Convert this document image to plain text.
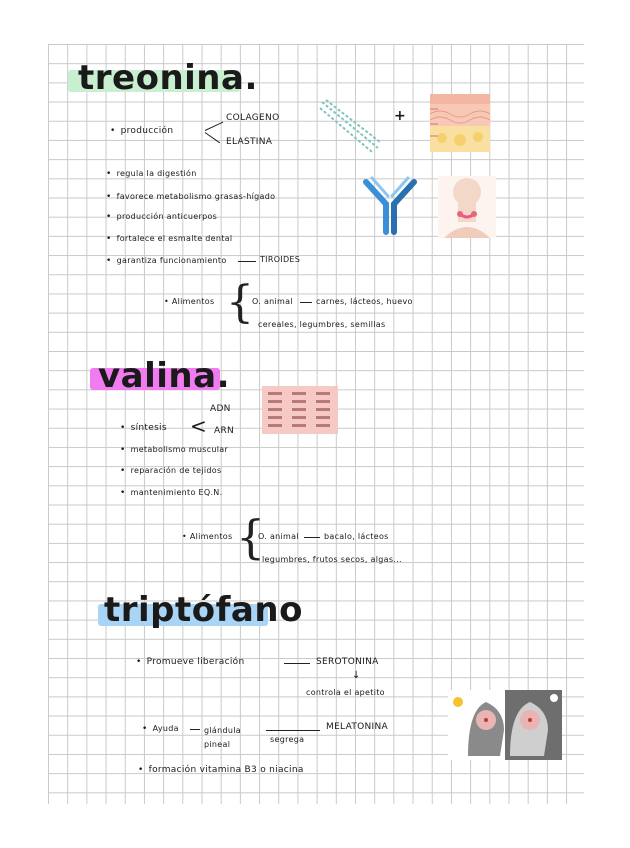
treonina.
• producción
COLAGENO
ELASTINA
+
• regula la digestión
• favorece metabolismo grasas-hígado
• producción anticuerpos
• fortalece el esmalte dental
• garantiza funcionamiento	TIROIDES
• Alimentos {
O. animal	carnes, lácteos, huevo
cereales, legumbres, semillas
valina.
• síntesis <
ADN
ARN
• metabolismo muscular
• reparación de tejidos
• mantenimiento EQ.N.
• Alimentos {
O. animal	bacalo, lácteos
legumbres, frutos secos, algas...
triptófano
• Promueve liberación	SEROTONINA
↓
controla el apetito
• Ayuda	glándula pineal
segrega
MELATONINA
• formación vitamina B3 o niacina
